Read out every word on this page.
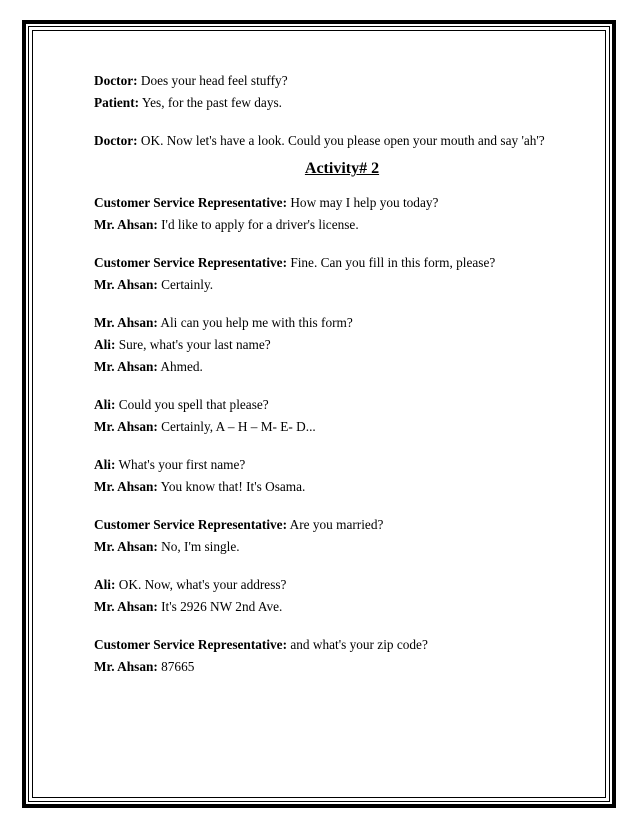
Doctor: Does your head feel stuffy?
Patient: Yes, for the past few days.
Doctor: OK. Now let's have a look. Could you please open your mouth and say 'ah'?
Activity# 2
Customer Service Representative: How may I help you today?
Mr. Ahsan: I'd like to apply for a driver's license.
Customer Service Representative: Fine. Can you fill in this form, please?
Mr. Ahsan: Certainly.
Mr. Ahsan: Ali can you help me with this form?
Ali: Sure, what's your last name?
Mr. Ahsan: Ahmed.
Ali: Could you spell that please?
Mr. Ahsan: Certainly, A – H – M- E- D...
Ali: What's your first name?
Mr. Ahsan: You know that! It's Osama.
Customer Service Representative: Are you married?
Mr. Ahsan: No, I'm single.
Ali: OK. Now, what's your address?
Mr. Ahsan: It's 2926 NW 2nd Ave.
Customer Service Representative: and what's your zip code?
Mr. Ahsan: 87665
